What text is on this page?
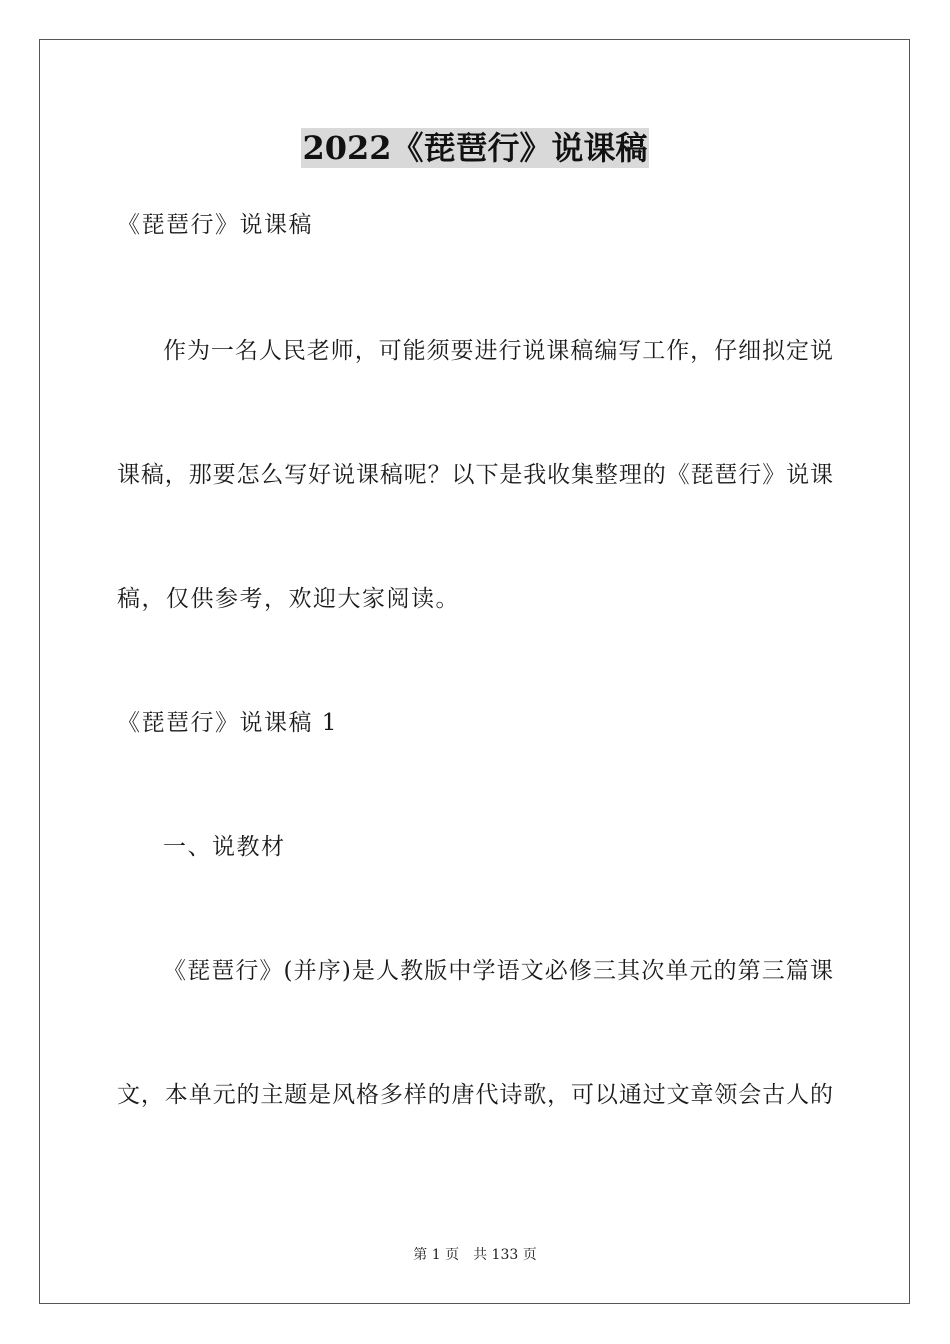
2022《琵琶行》说课稿
《琵琶行》说课稿
作为一名人民老师，可能须要进行说课稿编写工作，仔细拟定说
课稿，那要怎么写好说课稿呢？以下是我收集整理的《琵琶行》说课
稿，仅供参考，欢迎大家阅读。
《琵琶行》说课稿 1
一、说教材
《琵琶行》(并序)是人教版中学语文必修三其次单元的第三篇课
文，本单元的主题是风格多样的唐代诗歌，可以通过文章领会古人的
第 1 页　共 133 页
